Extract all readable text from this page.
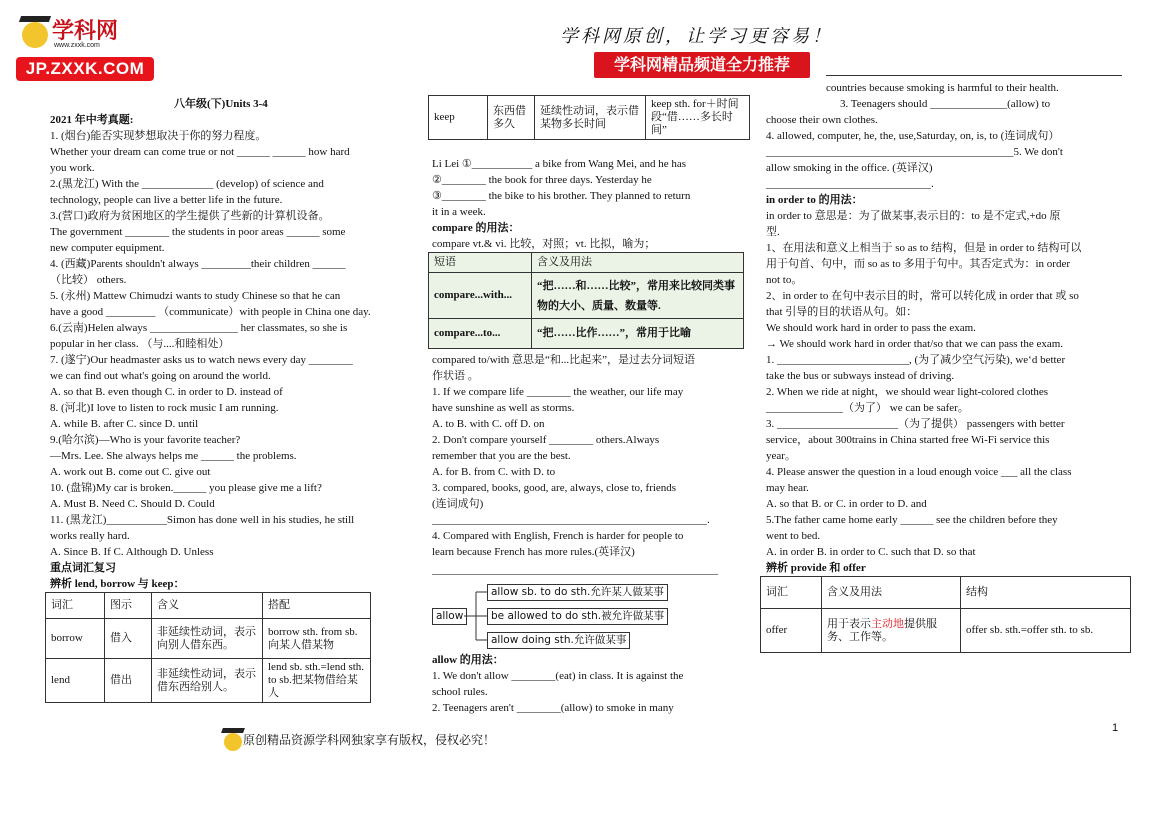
学科网
www.zxxk.com
JP.ZXXK.COM
学科网原创，让学习更容易！
学科网精品频道全力推荐
八年级(下)Units 3-4
2021 年中考真题:
1. (烟台)能否实现梦想取决于你的努力程度。
Whether your dream can come true or not ______ ______ how hard
you work.
2.(黑龙江) With the _____________ (develop) of science and
technology, people can live a better life in the future.
3.(营口)政府为贫困地区的学生提供了些新的计算机设备。
The government ________ the students in poor areas ______ some
new computer equipment.
4. (西藏)Parents shouldn't always _________their children ______
（比较） others.
5. (永州) Mattew Chimudzi wants to study Chinese so that he can
have a good _________ （communicate）with people in China one day.
6.(云南)Helen always ________________ her classmates, so she is
popular in her class. （与....和睦相处）
7. (遂宁)Our headmaster asks us to watch news every day ________
we can find out what's going on around the world.
A. so that B. even though C. in order to D. instead of
8. (河北)I love to listen to rock music I am running.
A. while B. after C. since D. until
9.(哈尔滨)—Who is your favorite teacher?
—Mrs. Lee. She always helps me ______ the problems.
A. work out B. come out C. give out
10. (盘锦)My car is broken.______ you please give me a lift?
A. Must B. Need C. Should D. Could
11. (黑龙江)___________Simon has done well in his studies, he still
works really hard.
A. Since B. If C. Although D. Unless
重点词汇复习
辨析 lend, borrow 与 keep：
词汇	图示	含义	搭配
borrow	借入	非延续性动词，表示向别人借东西。	borrow sth. from sb.向某人借某物
lend	借出	非延续性动词，表示借东西给别人。	lend sb. sth.=lend sth. to sb.把某物借给某人
keep	东西借多久	延续性动词，表示借某物多长时间	keep sth. for＋时间段“借……多长时间”
Li Lei ①___________ a bike from Wang Mei, and he has
②________ the book for three days. Yesterday he
③________ the bike to his brother. They planned to return
it in a week.
compare 的用法：
compare vt.& vi. 比较，对照；vt. 比拟，喻为；
短语	含义及用法
compare...with...	“把……和……比较”，常用来比较同类事物的大小、质量、数量等.
compare...to...	“把……比作……”，常用于比喻
compared to/with 意思是“和...比起来”，是过去分词短语
作状语 。
1. If we compare life ________ the weather, our life may
have sunshine as well as storms.
A. to B. with C. off D. on
2. Don't compare yourself ________ others.Always
remember that you are the best.
A. for B. from C. with D. to
3. compared, books, good, are, always, close to, friends
(连词成句)
__________________________________________________.
4. Compared with English, French is harder for people to
learn because French has more rules.(英译汉)
____________________________________________________
allow
allow sb. to do sth.允许某人做某事
be allowed to do sth.被允许做某事
allow doing sth.允许做某事
allow 的用法：
1. We don't allow ________(eat) in class. It is against the
school rules.
2. Teenagers aren't ________(allow) to smoke in many
countries because smoking is harmful to their health.
3. Teenagers should ______________(allow) to
choose their own clothes.
4. allowed, computer, he, the, use,Saturday, on, is, to (连词成句）
_____________________________________________5. We don't
allow smoking in the office. (英译汉)
______________________________.
in order to 的用法：
in order to 意思是：为了做某事,表示目的：to 是不定式,+do 原
型.
1、在用法和意义上相当于 so as to 结构，但是 in order to 结构可以
用于句首、句中，而 so as to 多用于句中。其否定式为：in order
not to。
2、in order to 在句中表示目的时，常可以转化成 in order that 或 so
that 引导的目的状语从句。如：
We should work hard in order to pass the exam.
→ We should work hard in order that/so that we can pass the exam.
1. ________________________, (为了减少空气污染), we‘d better
take the bus or subways instead of driving.
2. When we ride at night，we should wear light-colored clothes
______________（为了） we can be safer。
3. ______________________（为了提供） passengers with better
service，about 300trains in China started free Wi-Fi service this
year。
4. Please answer the question in a loud enough voice ___ all the class
may hear.
A. so that B. or C. in order to D. and
5.The father came home early ______ see the children before they
went to bed.
A. in order B. in order to C. such that D. so that
辨析 provide 和 offer
词汇	含义及用法	结构
offer	用于表示主动地提供服务、工作等。	offer sb. sth.=offer sth. to sb.
1
原创精品资源学科网独家享有版权，侵权必究！
